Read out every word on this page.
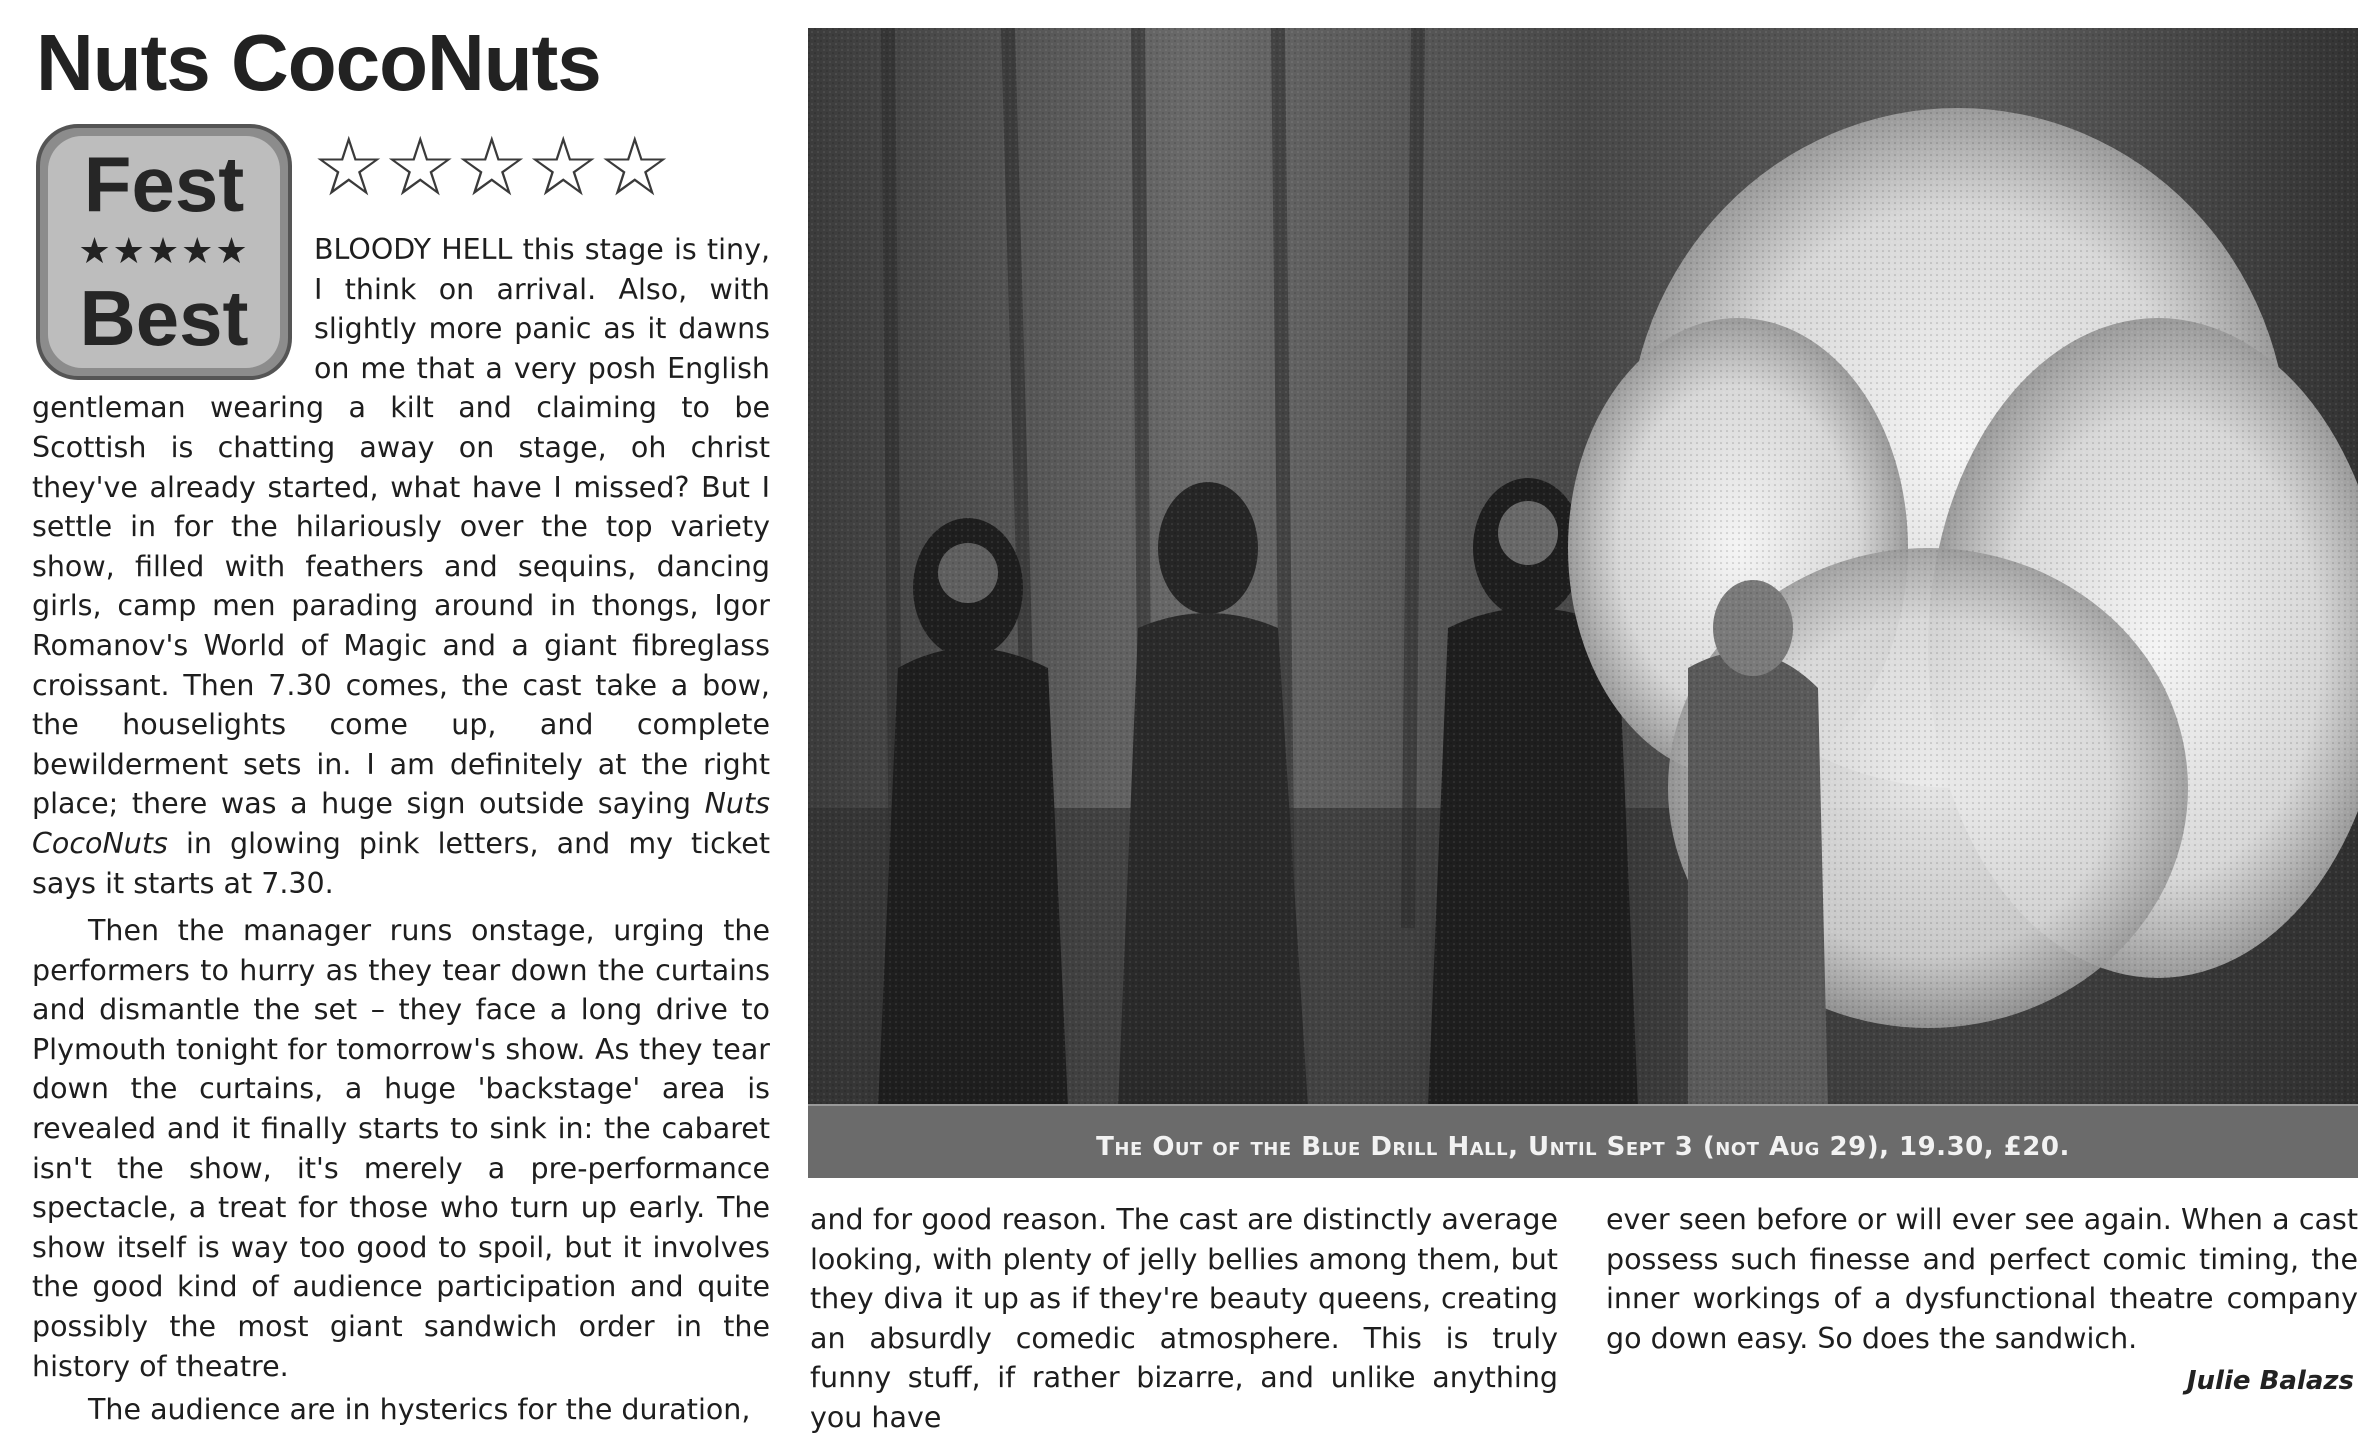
Nuts CocoNuts
Fest
★★★★★
Best
☆☆☆☆☆

BLOODY HELL this stage is tiny, I think on arrival. Also, with slightly more panic as it dawns on me that a very posh English gentleman wearing a kilt and claiming to be Scottish is chatting away on stage, oh christ they've already started, what have I missed? But I settle in for the hilariously over the top variety show, filled with feathers and sequins, dancing girls, camp men parading around in thongs, Igor Romanov's World of Magic and a giant fibreglass croissant. Then 7.30 comes, the cast take a bow, the houselights come up, and complete bewilderment sets in. I am definitely at the right place; there was a huge sign outside saying Nuts CocoNuts in glowing pink letters, and my ticket says it starts at 7.30.

Then the manager runs onstage, urging the performers to hurry as they tear down the curtains and dismantle the set – they face a long drive to Plymouth tonight for tomorrow's show. As they tear down the curtains, a huge 'backstage' area is revealed and it finally starts to sink in: the cabaret isn't the show, it's merely a pre-performance spectacle, a treat for those who turn up early. The show itself is way too good to spoil, but it involves the good kind of audience participation and quite possibly the most giant sandwich order in the history of theatre.

The audience are in hysterics for the duration,

The Out of the Blue Drill Hall, Until Sept 3 (not Aug 29), 19.30, £20.

and for good reason. The cast are distinctly average looking, with plenty of jelly bellies among them, but they diva it up as if they're beauty queens, creating an absurdly comedic atmosphere. This is truly funny stuff, if rather bizarre, and unlike anything you have

ever seen before or will ever see again. When a cast possess such finesse and perfect comic timing, the inner workings of a dysfunctional theatre company go down easy. So does the sandwich.

Julie Balazs
